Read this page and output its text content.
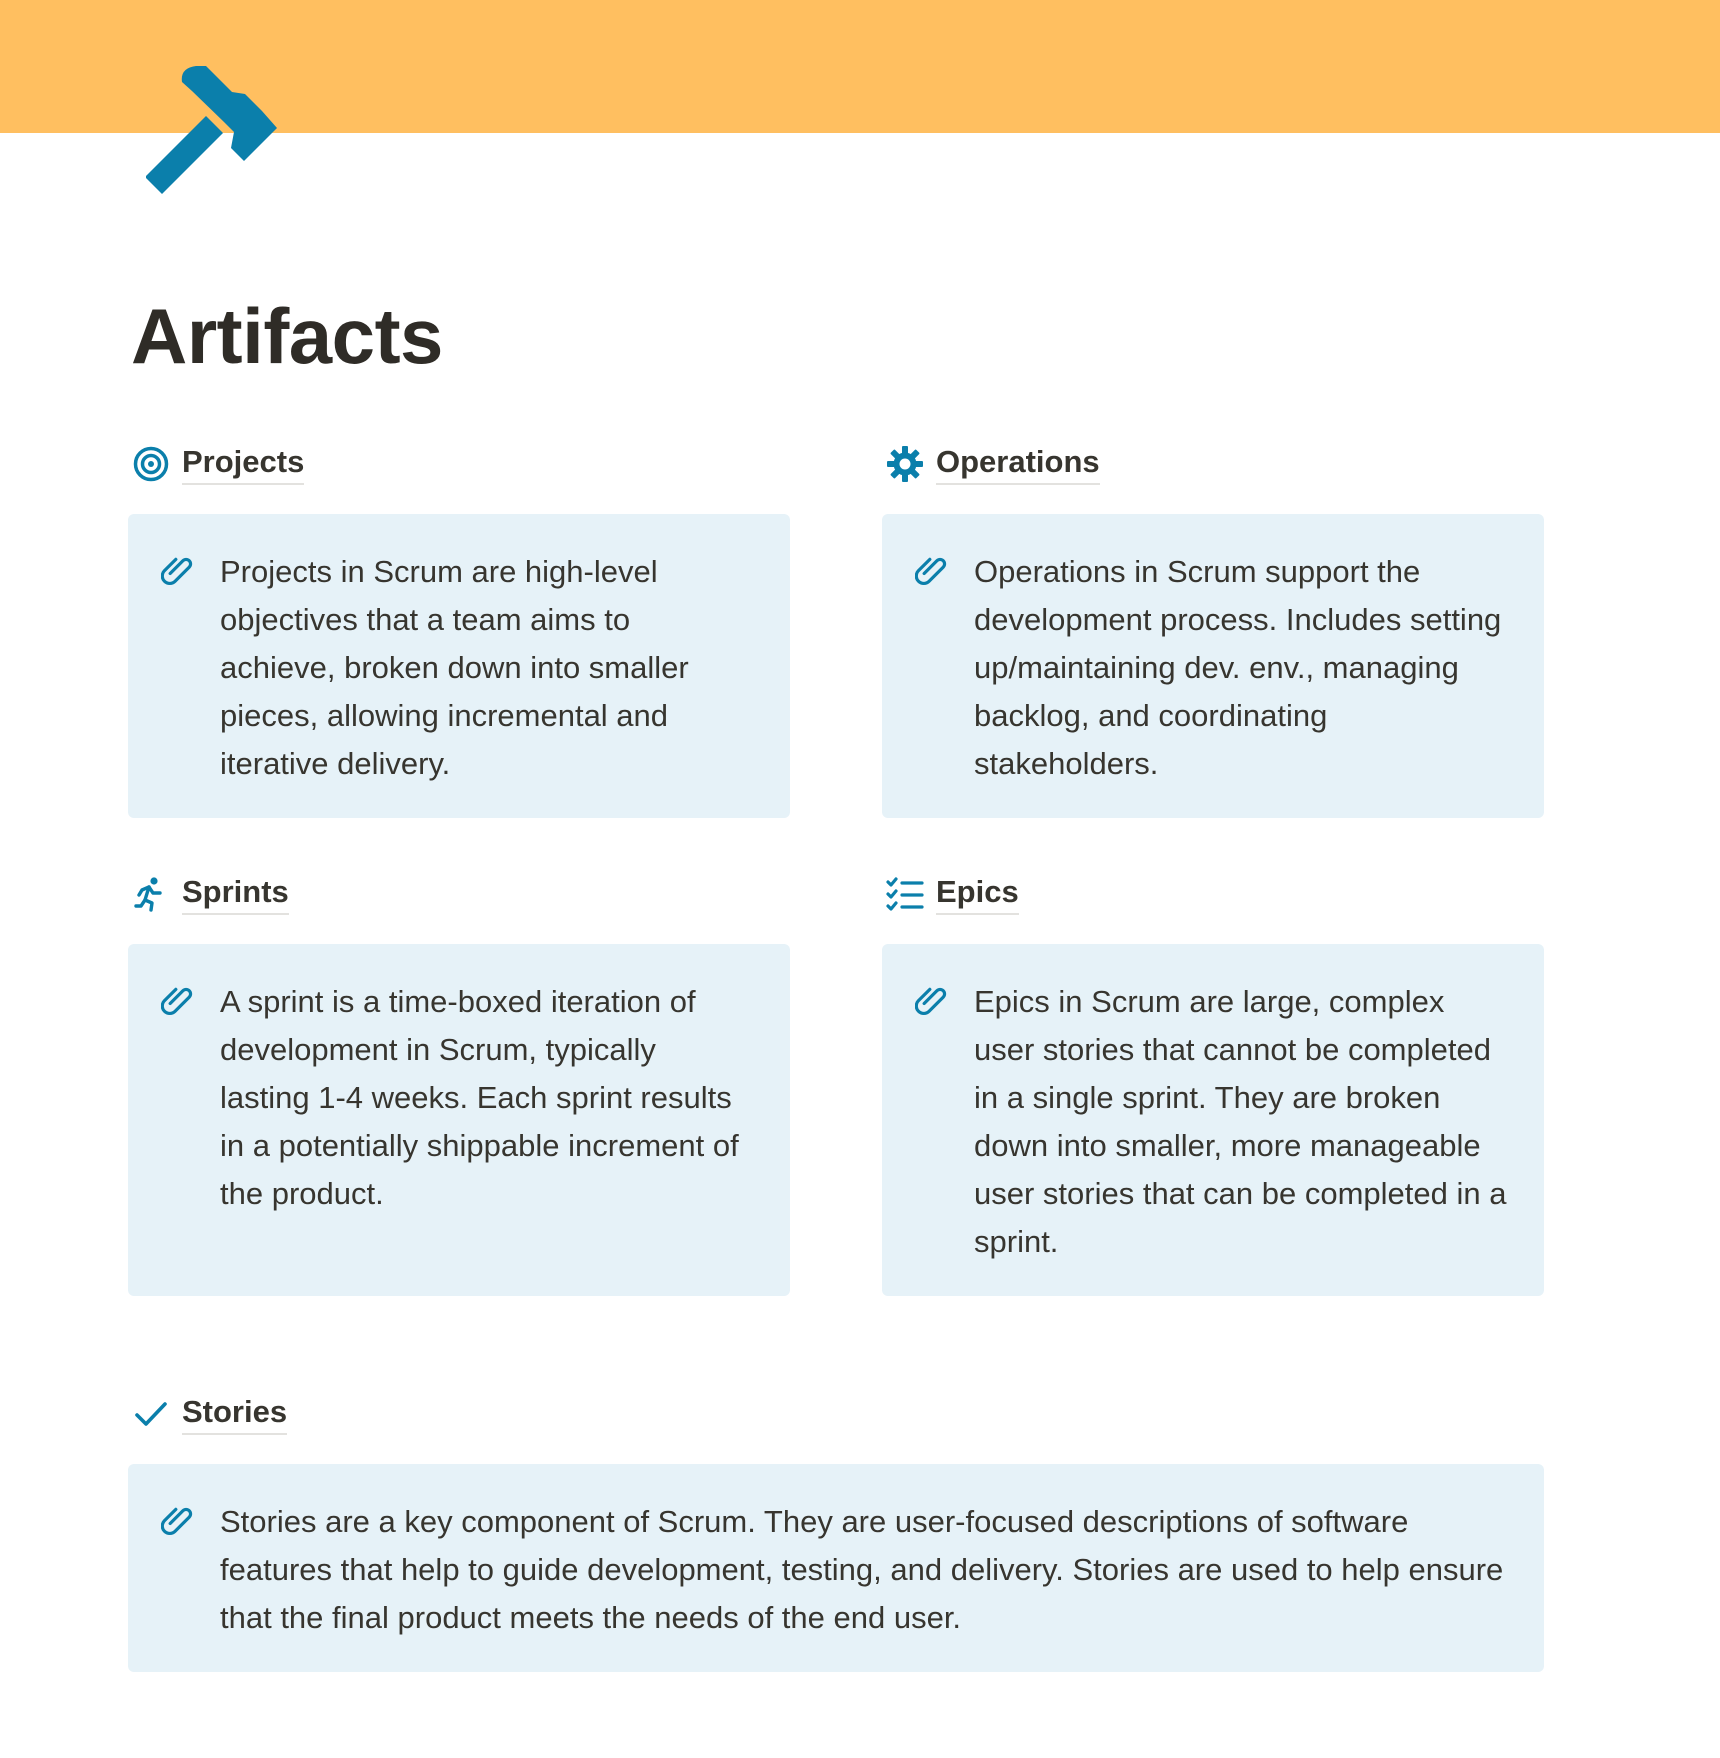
Artifacts
Projects

Projects in Scrum are high-level objectives that a team aims to achieve, broken down into smaller pieces, allowing incremental and iterative delivery.

Operations

Operations in Scrum support the development process. Includes setting up/maintaining dev. env., managing backlog, and coordinating stakeholders.

Sprints

A sprint is a time-boxed iteration of development in Scrum, typically lasting 1-4 weeks. Each sprint results in a potentially shippable increment of the product.

Epics

Epics in Scrum are large, complex user stories that cannot be completed in a single sprint. They are broken down into smaller, more manageable user stories that can be completed in a sprint.

Stories

Stories are a key component of Scrum. They are user-focused descriptions of software features that help to guide development, testing, and delivery. Stories are used to help ensure that the final product meets the needs of the end user.
